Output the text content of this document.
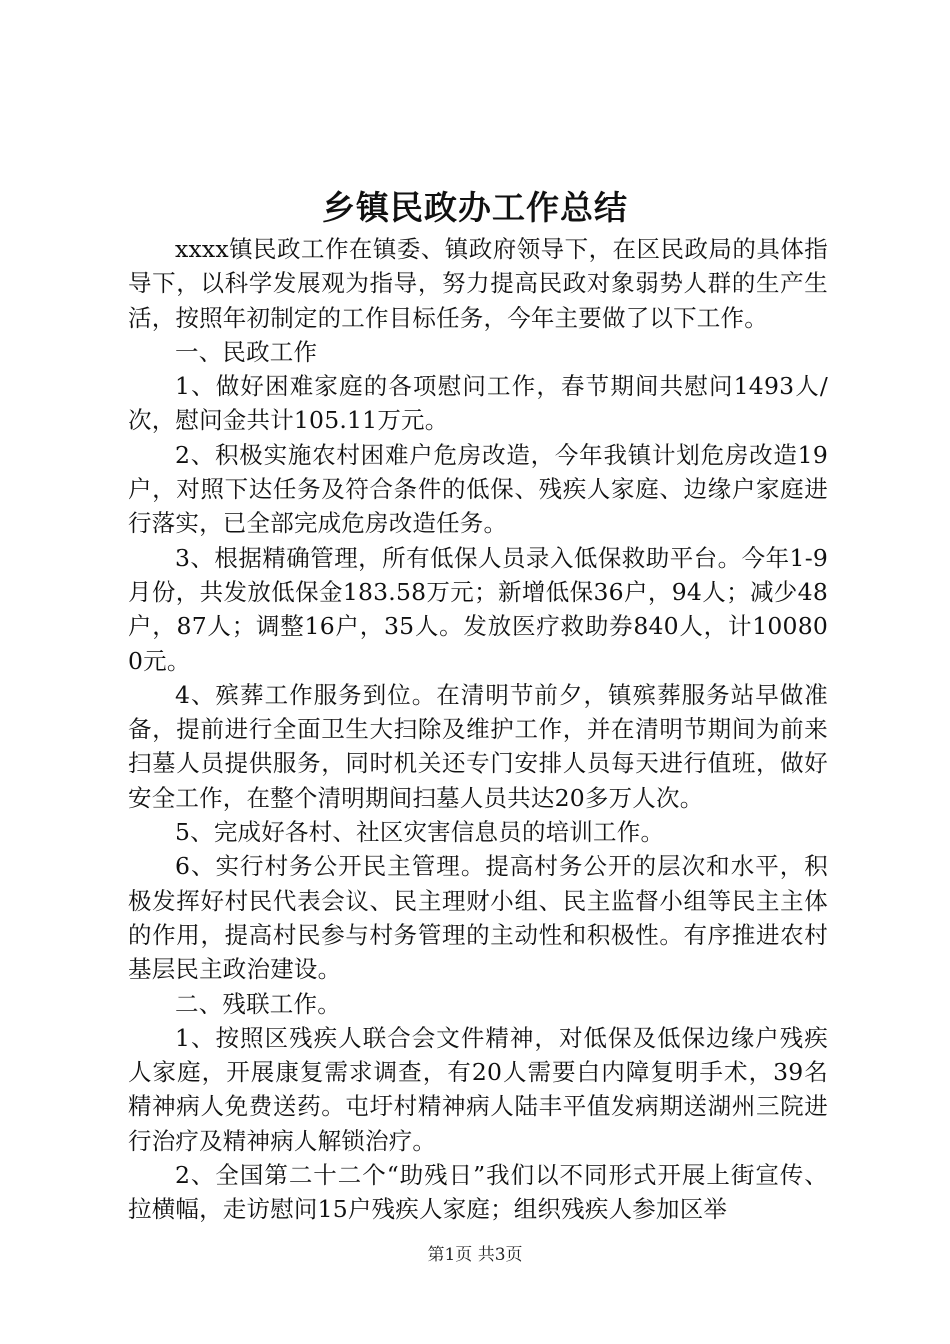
乡镇民政办工作总结

xxxx镇民政工作在镇委、镇政府领导下，在区民政局的具体指导下，以科学发展观为指导，努力提高民政对象弱势人群的生产生活，按照年初制定的工作目标任务，今年主要做了以下工作。

一、民政工作

1、做好困难家庭的各项慰问工作，春节期间共慰问1493人/次，慰问金共计105.11万元。

2、积极实施农村困难户危房改造，今年我镇计划危房改造19户，对照下达任务及符合条件的低保、残疾人家庭、边缘户家庭进行落实，已全部完成危房改造任务。

3、根据精确管理，所有低保人员录入低保救助平台。今年1-9月份，共发放低保金183.58万元；新增低保36户，94人；减少48户，87人；调整16户，35人。发放医疗救助券840人，计100800元。

4、殡葬工作服务到位。在清明节前夕，镇殡葬服务站早做准备，提前进行全面卫生大扫除及维护工作，并在清明节期间为前来扫墓人员提供服务，同时机关还专门安排人员每天进行值班，做好安全工作，在整个清明期间扫墓人员共达20多万人次。

5、完成好各村、社区灾害信息员的培训工作。

6、实行村务公开民主管理。提高村务公开的层次和水平，积极发挥好村民代表会议、民主理财小组、民主监督小组等民主主体的作用，提高村民参与村务管理的主动性和积极性。有序推进农村基层民主政治建设。

二、残联工作。

1、按照区残疾人联合会文件精神，对低保及低保边缘户残疾人家庭，开展康复需求调查，有20人需要白内障复明手术，39名精神病人免费送药。屯圩村精神病人陆丰平值发病期送湖州三院进行治疗及精神病人解锁治疗。

2、全国第二十二个“助残日”我们以不同形式开展上街宣传、拉横幅，走访慰问15户残疾人家庭；组织残疾人参加区举

第1页 共3页
